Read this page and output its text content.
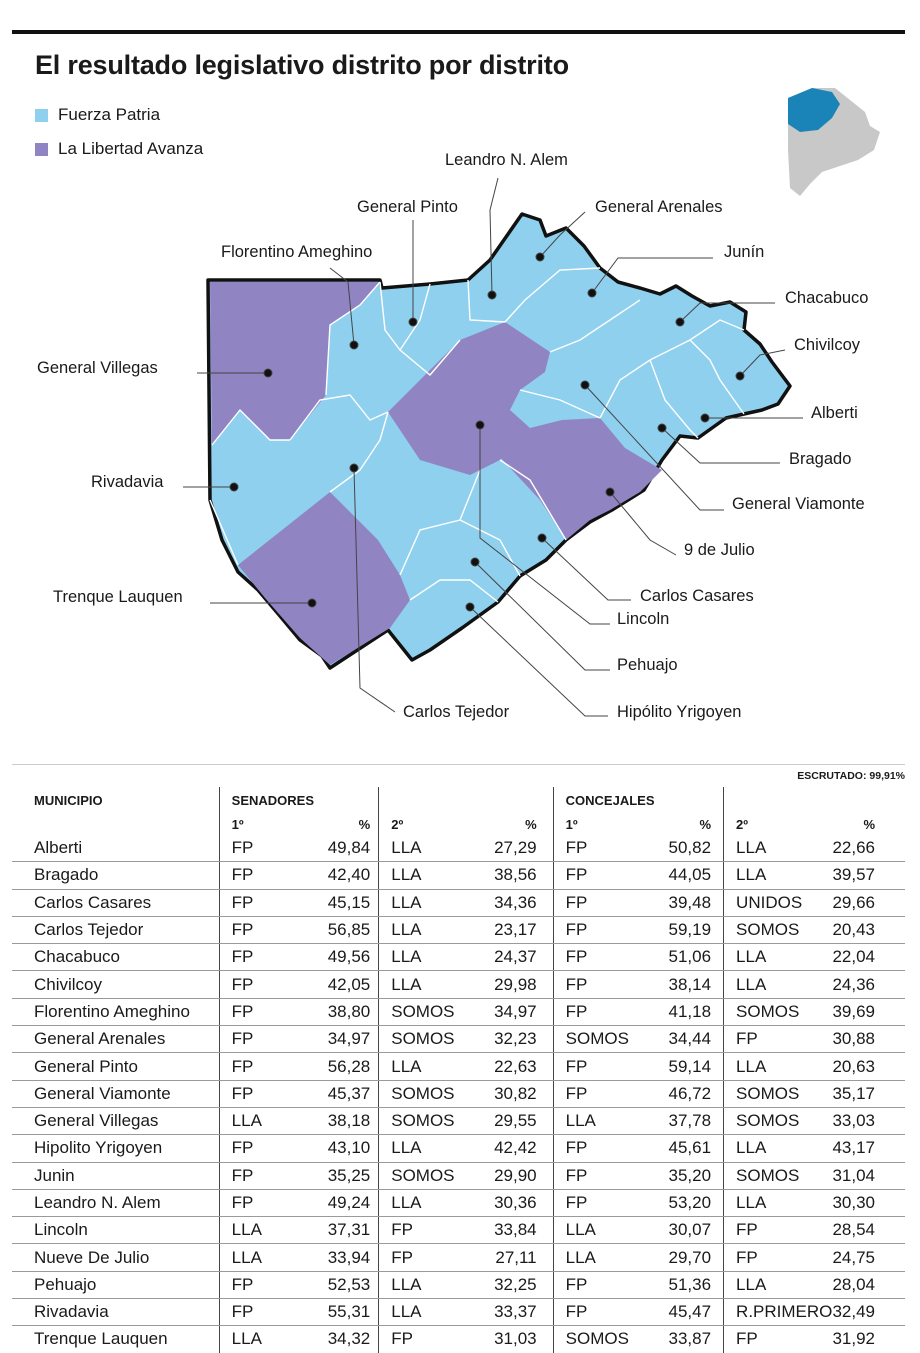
El resultado legislativo distrito por distrito
Fuerza Patria
La Libertad Avanza
Leandro N. Alem
General Pinto	General Arenales
Florentino Ameghino	Junín
Chacabuco
Chivilcoy
General Villegas
Alberti
Bragado
Rivadavia
General Viamonte
9 de Julio
Carlos Casares
Trenque Lauquen
Lincoln
Pehuajo
Carlos Tejedor	Hipólito Yrigoyen
ESCRUTADO: 99,91%
MUNICIPIO	SENADORES				CONCEJALES			
	1º	%	2º	%	1º	%	2º	%
Alberti	FP	49,84	LLA	27,29	FP	50,82	LLA	22,66
Bragado	FP	42,40	LLA	38,56	FP	44,05	LLA	39,57
Carlos Casares	FP	45,15	LLA	34,36	FP	39,48	UNIDOS	29,66
Carlos Tejedor	FP	56,85	LLA	23,17	FP	59,19	SOMOS	20,43
Chacabuco	FP	49,56	LLA	24,37	FP	51,06	LLA	22,04
Chivilcoy	FP	42,05	LLA	29,98	FP	38,14	LLA	24,36
Florentino Ameghino	FP	38,80	SOMOS	34,97	FP	41,18	SOMOS	39,69
General Arenales	FP	34,97	SOMOS	32,23	SOMOS	34,44	FP	30,88
General Pinto	FP	56,28	LLA	22,63	FP	59,14	LLA	20,63
General Viamonte	FP	45,37	SOMOS	30,82	FP	46,72	SOMOS	35,17
General Villegas	LLA	38,18	SOMOS	29,55	LLA	37,78	SOMOS	33,03
Hipolito Yrigoyen	FP	43,10	LLA	42,42	FP	45,61	LLA	43,17
Junin	FP	35,25	SOMOS	29,90	FP	35,20	SOMOS	31,04
Leandro N. Alem	FP	49,24	LLA	30,36	FP	53,20	LLA	30,30
Lincoln	LLA	37,31	FP	33,84	LLA	30,07	FP	28,54
Nueve De Julio	LLA	33,94	FP	27,11	LLA	29,70	FP	24,75
Pehuajo	FP	52,53	LLA	32,25	FP	51,36	LLA	28,04
Rivadavia	FP	55,31	LLA	33,37	FP	45,47	R.PRIMERO	32,49
Trenque Lauquen	LLA	34,32	FP	31,03	SOMOS	33,87	FP	31,92
